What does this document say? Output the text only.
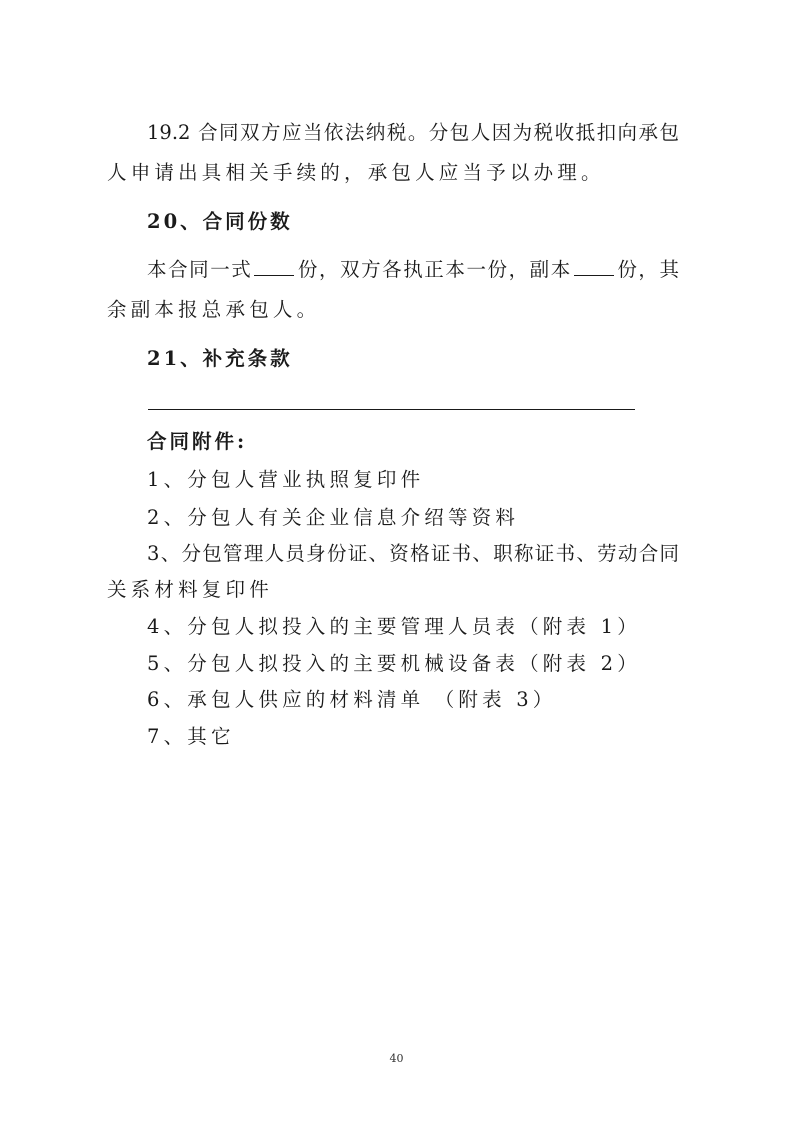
19.2 合同双方应当依法纳税。分包人因为税收抵扣向承包
人申请出具相关手续的，承包人应当予以办理。
20、合同份数
本合同一式 份，双方各执正本一份，副本 份，其
余副本报总承包人。
21、补充条款
合同附件:
1、分包人营业执照复印件
2、分包人有关企业信息介绍等资料
3、分包管理人员身份证、资格证书、职称证书、劳动合同
关系材料复印件
4、分包人拟投入的主要管理人员表（附表 1）
5、分包人拟投入的主要机械设备表（附表 2）
6、承包人供应的材料清单 （附表 3）
7、其它
40
